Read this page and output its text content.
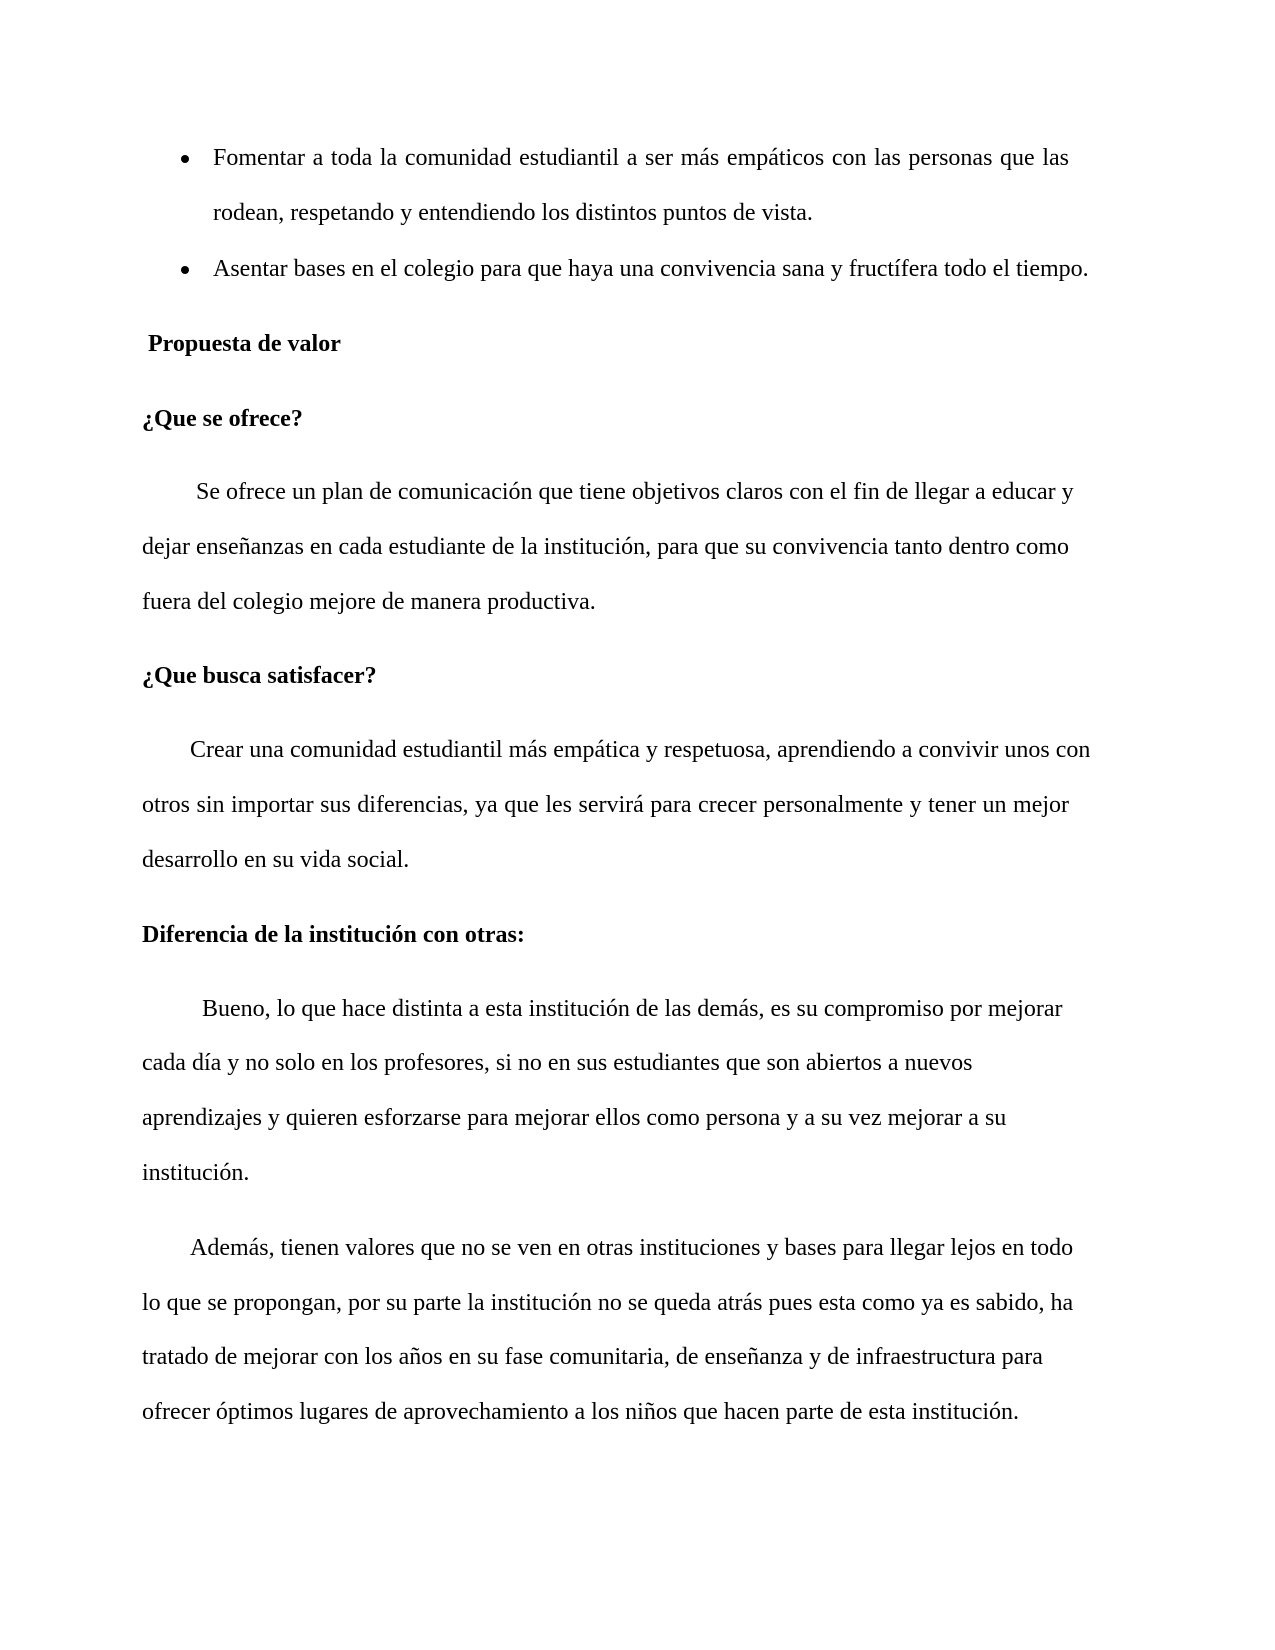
Fomentar a toda la comunidad estudiantil a ser más empáticos con las personas que las
rodean, respetando y entendiendo los distintos puntos de vista.
Asentar bases en el colegio para que haya una convivencia sana y fructífera todo el tiempo.
Propuesta de valor
¿Que se ofrece?
Se ofrece un plan de comunicación que tiene objetivos claros con el fin de llegar a educar y
dejar enseñanzas en cada estudiante de la institución, para que su convivencia tanto dentro como
fuera del colegio mejore de manera productiva.
¿Que busca satisfacer?
Crear una comunidad estudiantil más empática y respetuosa, aprendiendo a convivir unos con
otros sin importar sus diferencias, ya que les servirá para crecer personalmente y tener un mejor
desarrollo en su vida social.
Diferencia de la institución con otras:
Bueno, lo que hace distinta a esta institución de las demás, es su compromiso por mejorar
cada día y no solo en los profesores, si no en sus estudiantes que son abiertos a nuevos
aprendizajes y quieren esforzarse para mejorar ellos como persona y a su vez mejorar a su
institución.
Además, tienen valores que no se ven en otras instituciones y bases para llegar lejos en todo
lo que se propongan, por su parte la institución no se queda atrás pues esta como ya es sabido, ha
tratado de mejorar con los años en su fase comunitaria, de enseñanza y de infraestructura para
ofrecer óptimos lugares de aprovechamiento a los niños que hacen parte de esta institución.
